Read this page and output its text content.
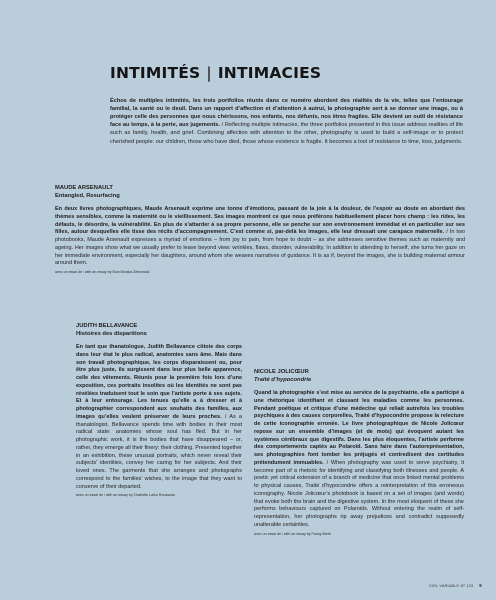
INTIMITÉS | INTIMACIES

Échos de multiples intimités, les trois portfolios réunis dans ce numéro abordent des réalités de la vie, telles que l’entourage familial, la santé ou le deuil. Dans un rapport d’affection et d’attention à autrui, la photographie sert à se donner une image, ou à protéger celle des personnes que nous chérissons, nos enfants, nos défunts, nos êtres fragiles. Elle devient un outil de résistance face au temps, à la perte, aux jugements. / Reflecting multiple intimacies, the three portfolios presented in this issue address realities of life such as family, health, and grief. Combining affection with attention to the other, photography is used to build a self-image or to protect cherished people: our children, those who have died, those whose existence is fragile. It becomes a tool of resistance to time, loss, judgments.

MAUDE ARSENAULT

Entangled, Resurfacing

En deux livres photographiques, Maude Arsenault exprime une tonne d’émotions, passant de la joie à la douleur, de l’espoir au doute en abordant des thèmes sensibles, comme la maternité ou le vieillissement. Ses images montrent ce que nous préférons habituellement placer hors champ : les rides, les défauts, le désordre, la vulnérabilité. En plus de s’attarder à sa propre personne, elle se penche sur son environnement immédiat et en particulier sur ses filles, autour desquelles elle tisse des récits d’accompagnement. C’est comme si, par-delà les images, elle leur dressait une carapace maternelle. / In two photobooks, Maude Arsenault expresses a myriad of emotions – from joy to pain, from hope to doubt – as she addresses sensitive themes such as maternity and ageing. Her images show what we usually prefer to leave beyond view: wrinkles, flaws, disorder, vulnerability. In addition to attending to herself, she turns her gaze on her immediate environment, especially her daughters, around whom she weaves narratives of guidance. It is as if, beyond the images, she is building maternal armour around them.

avec un essai de / with an essay by Ewa Monika Zebrowski

JUDITH BELLAVANCE

Histoires des disparitions

En tant que thanatologue, Judith Bellavance côtoie des corps dans leur état le plus radical, anatomies sans âme. Mais dans son travail photographique, les corps disparaissent ou, pour être plus juste, ils surgissent dans leur plus belle apparence, celle des vêtements. Réunis pour la première fois lors d’une exposition, ces portraits insolites où les identités ne sont pas révélées traduisent tout le soin que l’artiste porte à ses sujets. Et à leur entourage. Les tenues qu’elle a à dresser et à photographier correspondent aux souhaits des familles, aux images qu’elles veulent préserver de leurs proches. / As a thanatologist, Bellavance spends time with bodies in their most radical state: anatomies whose soul has fled. But in her photographic work, it is the bodies that have disappeared – or, rather, they emerge all their finery: their clothing. Presented together in an exhibition, these unusual portraits, which never reveal their subjects’ identities, convey her caring for her subjects. And their loved ones. The garments that she arranges and photographs correspond to the families’ wishes, to the image that they want to conserve of their departed.

avec un essai de / with an essay by Charlotte Lalou Rousseau

NICOLE JOLICŒUR

Traité d’hypocondrie

Quand la photographie s’est mise au service de la psychiatrie, elle a participé à une rhétorique identifiant et classant les maladies comme les personnes. Pendant poétique et critique d’une médecine qui reliait autrefois les troubles psychiques à des causes corporelles, Traité d’hypocondrie propose la relecture de cette iconographie erronée. Le livre photographique de Nicole Jolicœur repose sur un ensemble d’images (et de mots) qui évoquent autant les systèmes cérébraux que digestifs. Dans les plus éloquentes, l’artiste performe des comportements captés au Polaroïd. Sans faire dans l’autoreprésentation, ses photographies font tomber les préjugés et contredisent des certitudes prétendument immuables. / When photography was used to serve psychiatry, it become part of a rhetoric for identifying and classifying both illnesses and people. A poetic yet critical extension of a branch of medicine that once linked mental problems to physical causes, Traité d’hypocondrie offers a reinterpretation of this erroneous iconography. Nicole Jolicœur’s photobook is based on a set of images (and words) that evoke both the brain and the digestive system. In the most eloquent of these she performs behaviours captured on Polaroids. Without entering the realm of self-representation, her photographs rip away prejudices and contradict supposedly unalterable certainties.

avec un essai de / with an essay by Fanny Bieth

CIEL VARIABLE Nº 133 9
